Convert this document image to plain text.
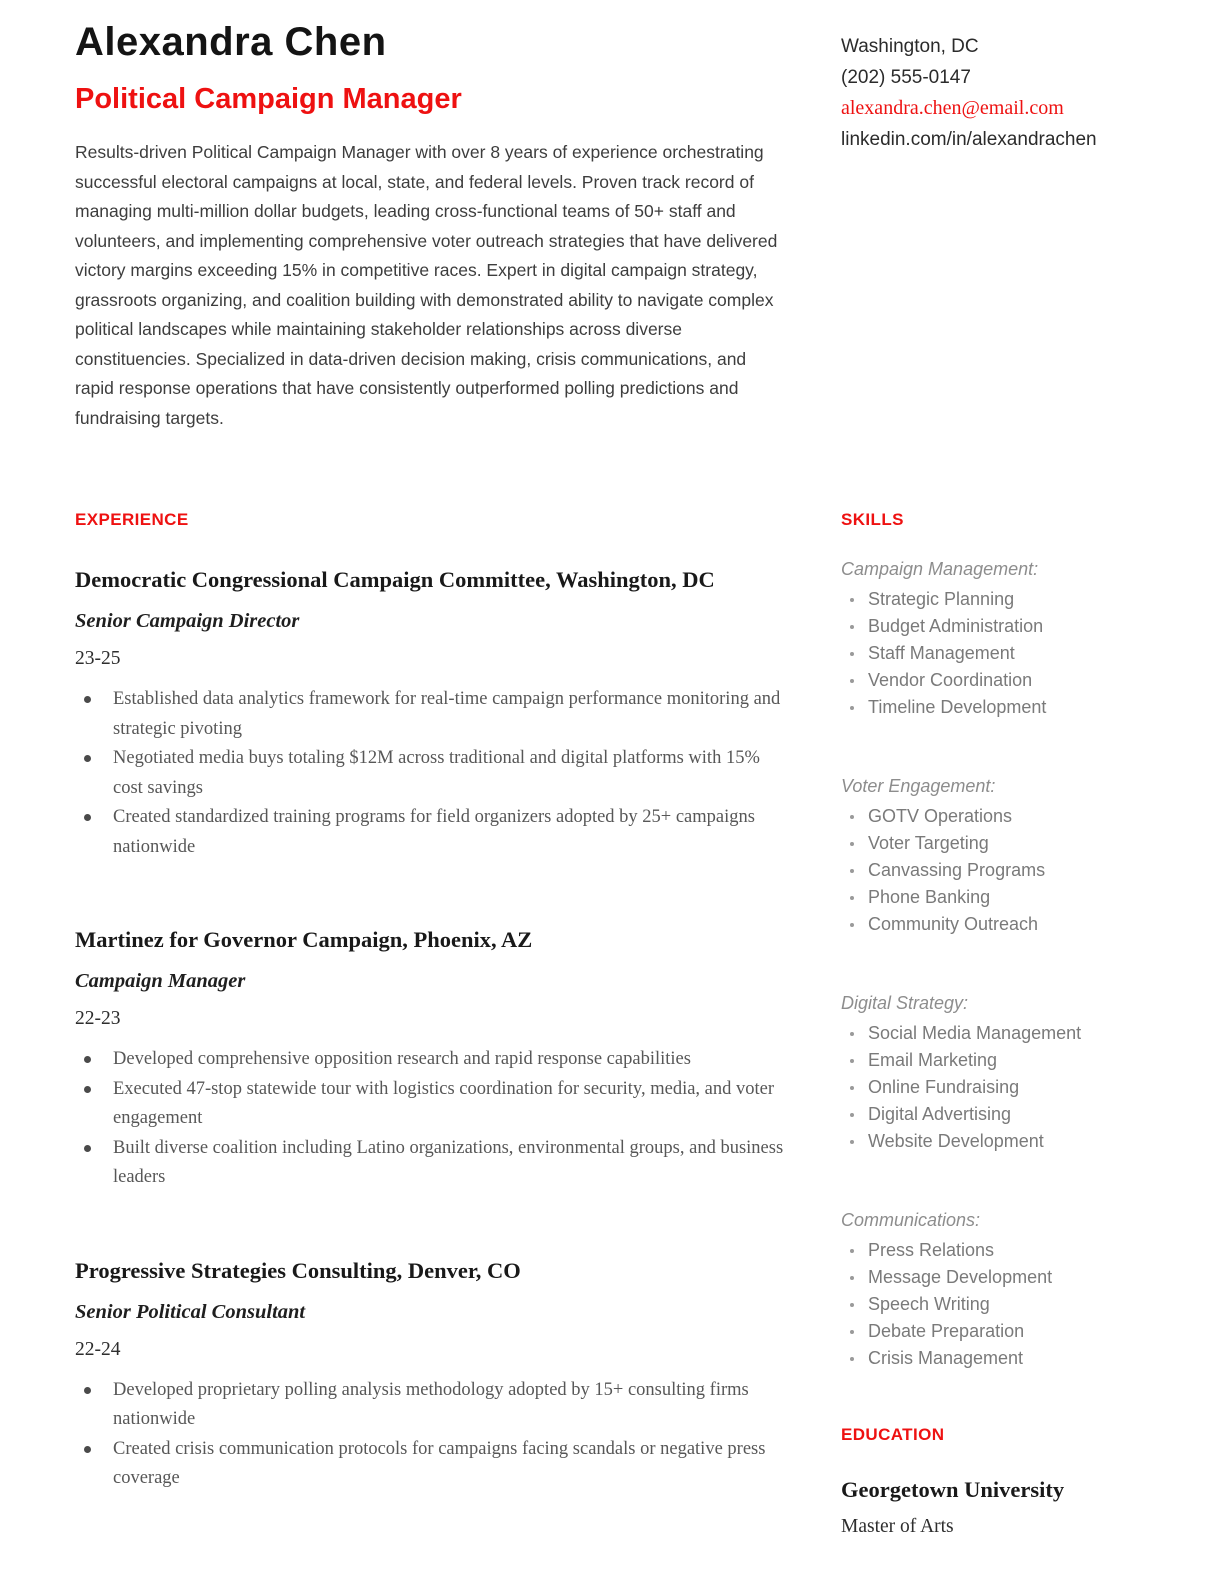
Alexandra Chen
Political Campaign Manager

Results-driven Political Campaign Manager with over 8 years of experience orchestrating successful electoral campaigns at local, state, and federal levels. Proven track record of managing multi-million dollar budgets, leading cross-functional teams of 50+ staff and volunteers, and implementing comprehensive voter outreach strategies that have delivered victory margins exceeding 15% in competitive races. Expert in digital campaign strategy, grassroots organizing, and coalition building with demonstrated ability to navigate complex political landscapes while maintaining stakeholder relationships across diverse constituencies. Specialized in data-driven decision making, crisis communications, and rapid response operations that have consistently outperformed polling predictions and fundraising targets.

Washington, DC
(202) 555-0147
alexandra.chen@email.com
linkedin.com/in/alexandrachen
EXPERIENCE
Democratic Congressional Campaign Committee, Washington, DC
Senior Campaign Director
23-25
Established data analytics framework for real-time campaign performance monitoring and strategic pivoting
Negotiated media buys totaling $12M across traditional and digital platforms with 15% cost savings
Created standardized training programs for field organizers adopted by 25+ campaigns nationwide
Martinez for Governor Campaign, Phoenix, AZ
Campaign Manager
22-23
Developed comprehensive opposition research and rapid response capabilities
Executed 47-stop statewide tour with logistics coordination for security, media, and voter engagement
Built diverse coalition including Latino organizations, environmental groups, and business leaders
Progressive Strategies Consulting, Denver, CO
Senior Political Consultant
22-24
Developed proprietary polling analysis methodology adopted by 15+ consulting firms nationwide
Created crisis communication protocols for campaigns facing scandals or negative press coverage
SKILLS
Campaign Management:
Strategic Planning
Budget Administration
Staff Management
Vendor Coordination
Timeline Development
Voter Engagement:
GOTV Operations
Voter Targeting
Canvassing Programs
Phone Banking
Community Outreach
Digital Strategy:
Social Media Management
Email Marketing
Online Fundraising
Digital Advertising
Website Development
Communications:
Press Relations
Message Development
Speech Writing
Debate Preparation
Crisis Management
EDUCATION
Georgetown University
Master of Arts
